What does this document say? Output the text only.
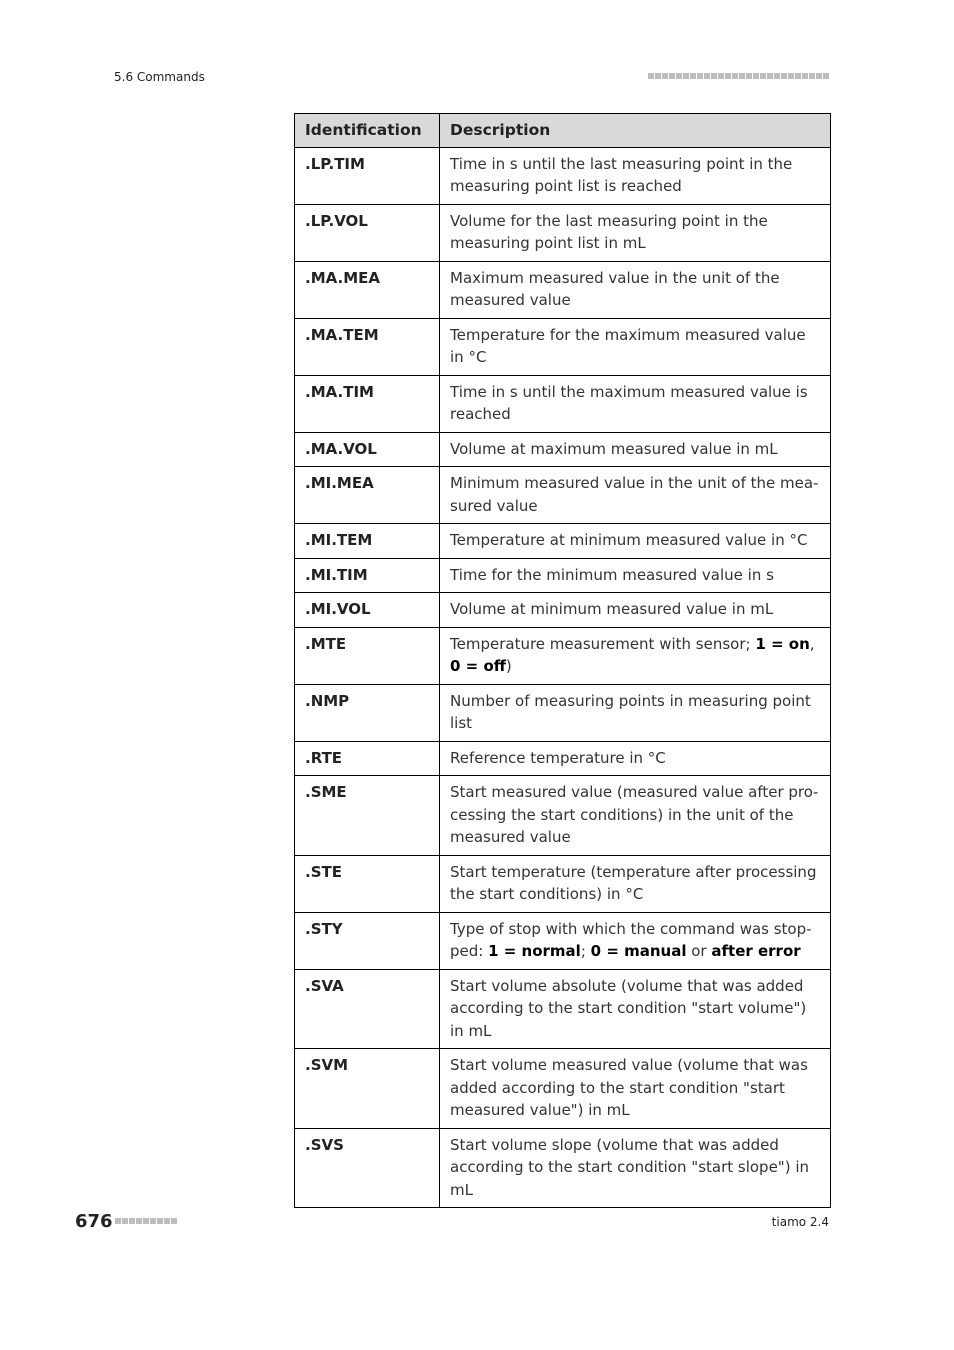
5.6 Commands
Identification	Description
.LP.TIM	Time in s until the last measuring point in the measuring point list is reached
.LP.VOL	Volume for the last measuring point in the measuring point list in mL
.MA.MEA	Maximum measured value in the unit of the measured value
.MA.TEM	Temperature for the maximum measured value in °C
.MA.TIM	Time in s until the maximum measured value is reached
.MA.VOL	Volume at maximum measured value in mL
.MI.MEA	Minimum measured value in the unit of the measured value
.MI.TEM	Temperature at minimum measured value in °C
.MI.TIM	Time for the minimum measured value in s
.MI.VOL	Volume at minimum measured value in mL
.MTE	Temperature measurement with sensor; 1 = on, 0 = off)
.NMP	Number of measuring points in measuring point list
.RTE	Reference temperature in °C
.SME	Start measured value (measured value after processing the start conditions) in the unit of the measured value
.STE	Start temperature (temperature after processing the start conditions) in °C
.STY	Type of stop with which the command was stopped: 1 = normal; 0 = manual or after error
.SVA	Start volume absolute (volume that was added according to the start condition "start volume") in mL
.SVM	Start volume measured value (volume that was added according to the start condition "start measured value") in mL
.SVS	Start volume slope (volume that was added according to the start condition "start slope") in mL
676	tiamo 2.4
